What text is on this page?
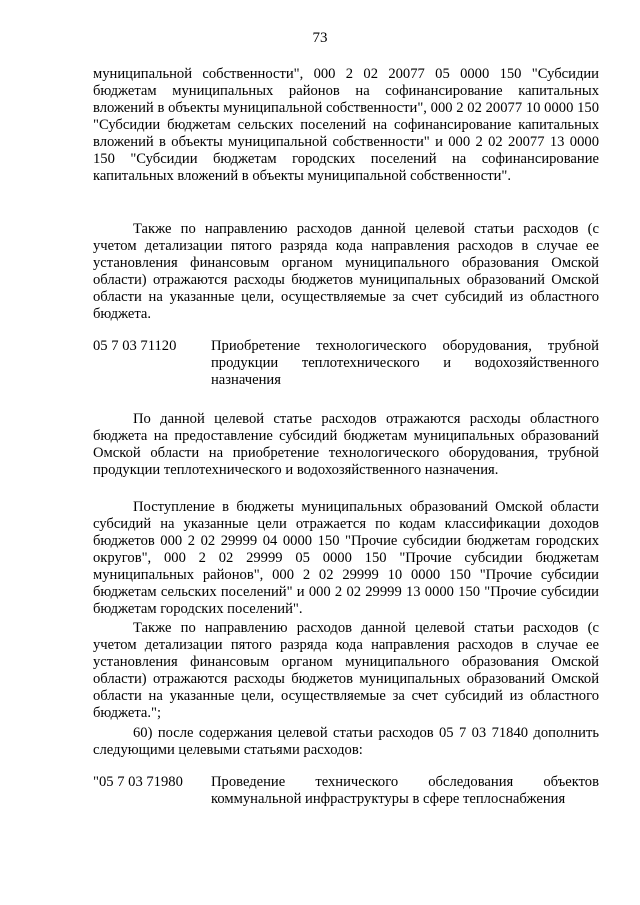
73

муниципальной собственности", 000 2 02 20077 05 0000 150 "Субсидии бюджетам муниципальных районов на софинансирование капитальных вложений в объекты муниципальной собственности", 000 2 02 20077 10 0000 150 "Субсидии бюджетам сельских поселений на софинансирование капитальных вложений в объекты муниципальной собственности" и 000 2 02 20077 13 0000 150 "Субсидии бюджетам городских поселений на софинансирование капитальных вложений в объекты муниципальной собственности".

Также по направлению расходов данной целевой статьи расходов (с учетом детализации пятого разряда кода направления расходов в случае ее установления финансовым органом муниципального образования Омской области) отражаются расходы бюджетов муниципальных образований Омской области на указанные цели, осуществляемые за счет субсидий из областного бюджета.

05 7 03 71120	Приобретение технологического оборудования, трубной продукции теплотехнического и водохозяйственного назначения

По данной целевой статье расходов отражаются расходы областного бюджета на предоставление субсидий бюджетам муниципальных образований Омской области на приобретение технологического оборудования, трубной продукции теплотехнического и водохозяйственного назначения.

Поступление в бюджеты муниципальных образований Омской области субсидий на указанные цели отражается по кодам классификации доходов бюджетов 000 2 02 29999 04 0000 150 "Прочие субсидии бюджетам городских округов", 000 2 02 29999 05 0000 150 "Прочие субсидии бюджетам муниципальных районов", 000 2 02 29999 10 0000 150 "Прочие субсидии бюджетам сельских поселений" и 000 2 02 29999 13 0000 150 "Прочие субсидии бюджетам городских поселений".

Также по направлению расходов данной целевой статьи расходов (с учетом детализации пятого разряда кода направления расходов в случае ее установления финансовым органом муниципального образования Омской области) отражаются расходы бюджетов муниципальных образований Омской области на указанные цели, осуществляемые за счет субсидий из областного бюджета.";

60) после содержания целевой статьи расходов 05 7 03 71840 дополнить следующими целевыми статьями расходов:

"05 7 03 71980	Проведение технического обследования объектов коммунальной инфраструктуры в сфере теплоснабжения
